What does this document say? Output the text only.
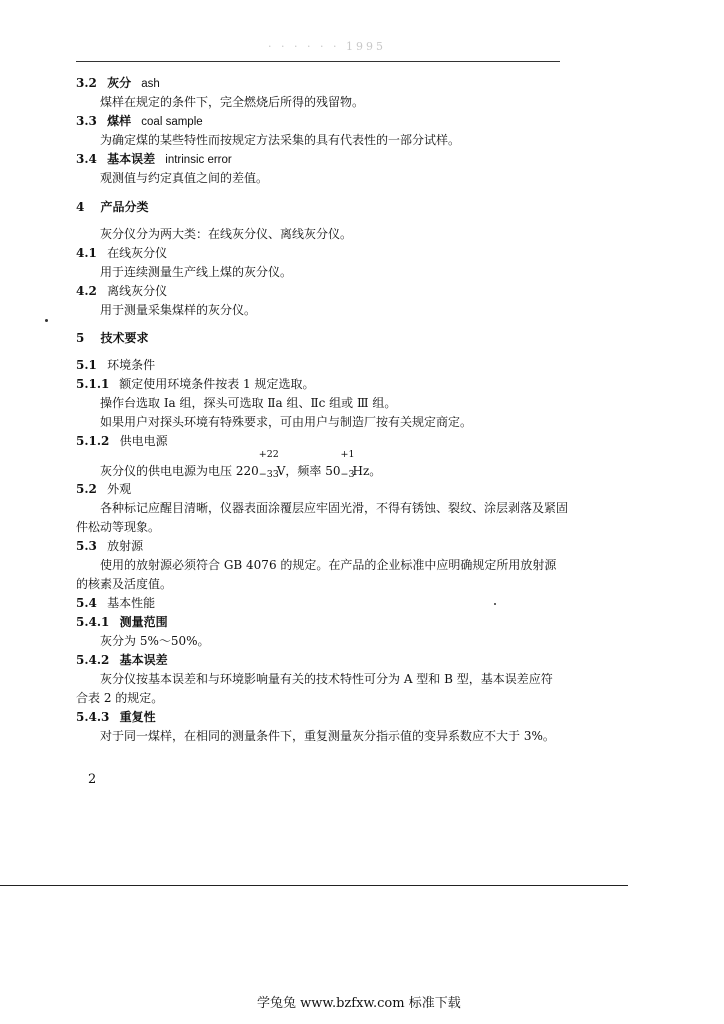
· · · · · · 1995
3.2 灰分 ash
煤样在规定的条件下，完全燃烧后所得的残留物。
3.3 煤样 coal sample
为确定煤的某些特性而按规定方法采集的具有代表性的一部分试样。
3.4 基本误差 intrinsic error
观测值与约定真值之间的差值。
4 产品分类
灰分仪分为两大类：在线灰分仪、离线灰分仪。
4.1 在线灰分仪
用于连续测量生产线上煤的灰分仪。
4.2 离线灰分仪
用于测量采集煤样的灰分仪。
5 技术要求
5.1 环境条件
5.1.1 额定使用环境条件按表 1 规定选取。
操作台选取 Ⅰa 组，探头可选取 Ⅱa 组、Ⅱc 组或 Ⅲ 组。
如果用户对探头环境有特殊要求，可由用户与制造厂按有关规定商定。
5.1.2 供电电源
灰分仪的供电电源为电压 220
+22
−33
V，频率 50
+1
−3
Hz。
5.2 外观
各种标记应醒目清晰，仪器表面涂覆层应牢固光滑，不得有锈蚀、裂纹、涂层剥落及紧固
件松动等现象。
5.3 放射源
使用的放射源必须符合 GB 4076 的规定。在产品的企业标准中应明确规定所用放射源
的核素及活度值。
5.4 基本性能
5.4.1 测量范围
灰分为 5%～50%。
5.4.2 基本误差
灰分仪按基本误差和与环境影响量有关的技术特性可分为 A 型和 B 型，基本误差应符
合表 2 的规定。
5.4.3 重复性
对于同一煤样，在相同的测量条件下，重复测量灰分指示值的变异系数应不大于 3%。
2
学兔兔 www.bzfxw.com 标准下载
